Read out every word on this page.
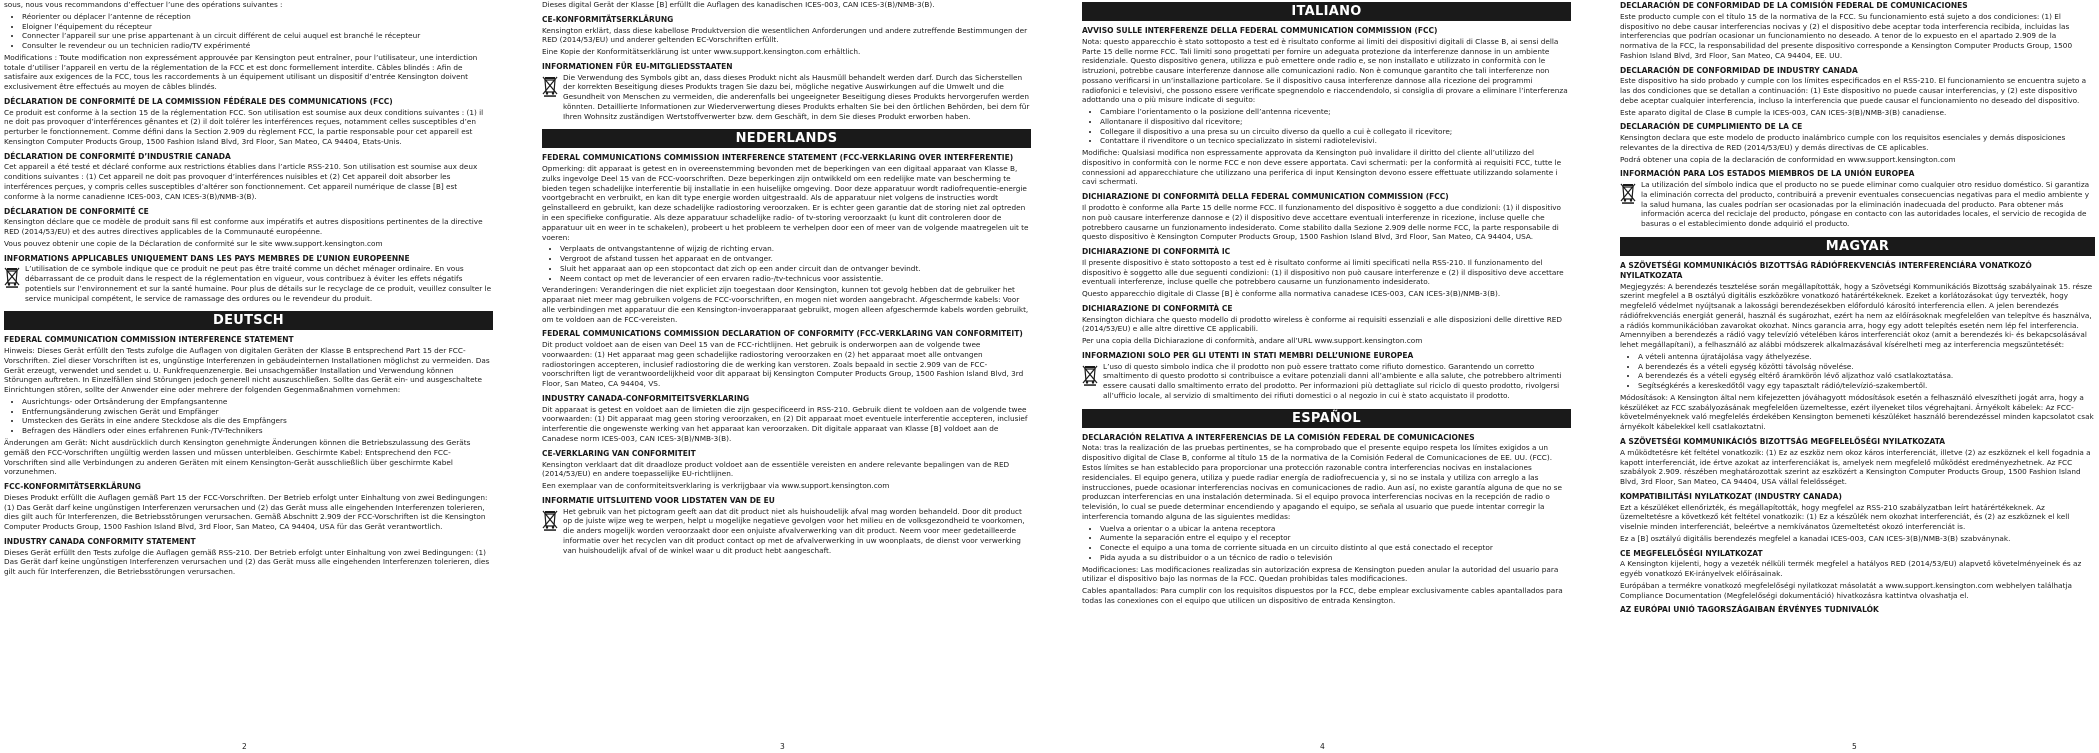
sous, nous vous recommandons d’effectuer l’une des opérations suivantes :

• Réorienter ou déplacer l’antenne de réception
• Eloigner l’équipement du récepteur
• Connecter l’appareil sur une prise appartenant à un circuit différent de celui auquel est branché le récepteur
• Consulter le revendeur ou un technicien radio/TV expérimenté

Modifications : Toute modification non expressément approuvée par Kensington peut entraîner, pour l’utilisateur, une interdiction totale d’utiliser l’appareil en vertu de la réglementation de la FCC et est donc formellement interdite. Câbles blindés : Afin de satisfaire aux exigences de la FCC, tous les raccordements à un équipement utilisant un dispositif d’entrée Kensington doivent exclusivement être effectués au moyen de câbles blindés.

DÉCLARATION DE CONFORMITÉ DE LA COMMISSION FÉDÉRALE DES COMMUNICATIONS (FCC)

Ce produit est conforme à la section 15 de la réglementation FCC. Son utilisation est soumise aux deux conditions suivantes : (1) il ne doit pas provoquer d’interférences gênantes et (2) il doit tolérer les interférences reçues, notamment celles susceptibles d’en perturber le fonctionnement. Comme défini dans la Section 2.909 du règlement FCC, la partie responsable pour cet appareil est Kensington Computer Products Group, 1500 Fashion Island Blvd, 3rd Floor, San Mateo, CA 94404, Etats-Unis.

DÉCLARATION DE CONFORMITÉ D’INDUSTRIE CANADA

Cet appareil a été testé et déclaré conforme aux restrictions établies dans l’article RSS-210. Son utilisation est soumise aux deux conditions suivantes : (1) Cet appareil ne doit pas provoquer d’interférences nuisibles et (2) Cet appareil doit absorber les interférences perçues, y compris celles susceptibles d’altérer son fonctionnement. Cet appareil numérique de classe [B] est conforme à la norme canadienne ICES-003, CAN ICES-3(B)/NMB-3(B).

DÉCLARATION DE CONFORMITÉ CE

Kensington déclare que ce modèle de produit sans fil est conforme aux impératifs et autres dispositions pertinentes de la directive RED (2014/53/EU) et des autres directives applicables de la Communauté européenne.

Vous pouvez obtenir une copie de la Déclaration de conformité sur le site www.support.kensington.com

INFORMATIONS APPLICABLES UNIQUEMENT DANS LES PAYS MEMBRES DE L’UNION EUROPEENNE

L’utilisation de ce symbole indique que ce produit ne peut pas être traité comme un déchet ménager ordinaire. En vous débarrassant de ce produit dans le respect de la réglementation en vigueur, vous contribuez à éviter les effets négatifs potentiels sur l’environnement et sur la santé humaine. Pour plus de détails sur le recyclage de ce produit, veuillez consulter le service municipal compétent, le service de ramassage des ordures ou le revendeur du produit.

DEUTSCH
FEDERAL COMMUNICATION COMMISSION INTERFERENCE STATEMENT

Hinweis: Dieses Gerät erfüllt den Tests zufolge die Auflagen von digitalen Geräten der Klasse B entsprechend Part 15 der FCC-Vorschriften. Ziel dieser Vorschriften ist es, ungünstige Interferenzen in gebäudeinternen Installationen möglichst zu vermeiden. Das Gerät erzeugt, verwendet und sendet u. U. Funkfrequenzenergie. Bei unsachgemäßer Installation und Verwendung können Störungen auftreten. In Einzelfällen sind Störungen jedoch generell nicht auszuschließen. Sollte das Gerät ein- und ausgeschaltete Einrichtungen stören, sollte der Anwender eine oder mehrere der folgenden Gegenmaßnahmen vornehmen:

• Ausrichtungs- oder Ortsänderung der Empfangsantenne
• Entfernungsänderung zwischen Gerät und Empfänger
• Umstecken des Geräts in eine andere Steckdose als die des Empfängers
• Befragen des Händlers oder eines erfahrenen Funk-/TV-Technikers

Änderungen am Gerät: Nicht ausdrücklich durch Kensington genehmigte Änderungen können die Betriebszulassung des Geräts gemäß den FCC-Vorschriften ungültig werden lassen und müssen unterbleiben. Geschirmte Kabel: Entsprechend den FCC-Vorschriften sind alle Verbindungen zu anderen Geräten mit einem Kensington-Gerät ausschließlich über geschirmte Kabel vorzunehmen.

FCC-KONFORMITÄTSERKLÄRUNG

Dieses Produkt erfüllt die Auflagen gemäß Part 15 der FCC-Vorschriften. Der Betrieb erfolgt unter Einhaltung von zwei Bedingungen: (1) Das Gerät darf keine ungünstigen Interferenzen verursachen und (2) das Gerät muss alle eingehenden Interferenzen tolerieren, dies gilt auch für Interferenzen, die Betriebsstörungen verursachen. Gemäß Abschnitt 2.909 der FCC-Vorschriften ist die Kensington Computer Products Group, 1500 Fashion Island Blvd, 3rd Floor, San Mateo, CA 94404, USA für das Gerät verantwortlich.

INDUSTRY CANADA CONFORMITY STATEMENT

Dieses Gerät erfüllt den Tests zufolge die Auflagen gemäß RSS-210. Der Betrieb erfolgt unter Einhaltung von zwei Bedingungen: (1) Das Gerät darf keine ungünstigen Interferenzen verursachen und (2) das Gerät muss alle eingehenden Interferenzen tolerieren, dies gilt auch für Interferenzen, die Betriebsstörungen verursachen.

2

Dieses digital Gerät der Klasse [B] erfüllt die Auflagen des kanadischen ICES-003, CAN ICES-3(B)/NMB-3(B).

CE-KONFORMITÄTSERKLÄRUNG

Kensington erklärt, dass diese kabellose Produktversion die wesentlichen Anforderungen und andere zutreffende Bestimmungen der RED (2014/53/EU) und anderer geltenden EC-Vorschriften erfüllt.

Eine Kopie der Konformitätserklärung ist unter www.support.kensington.com erhältlich.

INFORMATIONEN FÜR EU-MITGLIEDSSTAATEN

Die Verwendung des Symbols gibt an, dass dieses Produkt nicht als Hausmüll behandelt werden darf. Durch das Sicherstellen der korrekten Beseitigung dieses Produkts tragen Sie dazu bei, mögliche negative Auswirkungen auf die Umwelt und die Gesundheit von Menschen zu vermeiden, die anderenfalls bei ungeeigneter Beseitigung dieses Produkts hervorgerufen werden könnten. Detaillierte Informationen zur Wiederverwertung dieses Produkts erhalten Sie bei den örtlichen Behörden, bei dem für Ihren Wohnsitz zuständigen Wertstoffverwerter bzw. dem Geschäft, in dem Sie dieses Produkt erworben haben.

NEDERLANDS
FEDERAL COMMUNICATIONS COMMISSION INTERFERENCE STATEMENT (FCC-VERKLARING OVER INTERFERENTIE)

Opmerking: dit apparaat is getest en in overeenstemming bevonden met de beperkingen van een digitaal apparaat van Klasse B, zulks ingevolge Deel 15 van de FCC-voorschriften. Deze beperkingen zijn ontwikkeld om een redelijke mate van bescherming te bieden tegen schadelijke interferentie bij installatie in een huiselijke omgeving. Door deze apparatuur wordt radiofrequentie-energie voortgebracht en verbruikt, en kan dit type energie worden uitgestraald. Als de apparatuur niet volgens de instructies wordt geïnstalleerd en gebruikt, kan deze schadelijke radiostoring veroorzaken. Er is echter geen garantie dat de storing niet zal optreden in een specifieke configuratie. Als deze apparatuur schadelijke radio- of tv-storing veroorzaakt (u kunt dit controleren door de apparatuur uit en weer in te schakelen), probeert u het probleem te verhelpen door een of meer van de volgende maatregelen uit te voeren:

• Verplaats de ontvangstantenne of wijzig de richting ervan.
• Vergroot de afstand tussen het apparaat en de ontvanger.
• Sluit het apparaat aan op een stopcontact dat zich op een ander circuit dan de ontvanger bevindt.
• Neem contact op met de leverancier of een ervaren radio-/tv-technicus voor assistentie.

Veranderingen: Veranderingen die niet expliciet zijn toegestaan door Kensington, kunnen tot gevolg hebben dat de gebruiker het apparaat niet meer mag gebruiken volgens de FCC-voorschriften, en mogen niet worden aangebracht. Afgeschermde kabels: Voor alle verbindingen met apparatuur die een Kensington-invoerapparaat gebruikt, mogen alleen afgeschermde kabels worden gebruikt, om te voldoen aan de FCC-vereisten.

FEDERAL COMMUNICATIONS COMMISSION DECLARATION OF CONFORMITY (FCC-VERKLARING VAN CONFORMITEIT)

Dit product voldoet aan de eisen van Deel 15 van de FCC-richtlijnen. Het gebruik is onderworpen aan de volgende twee voorwaarden: (1) Het apparaat mag geen schadelijke radiostoring veroorzaken en (2) het apparaat moet alle ontvangen radiostoringen accepteren, inclusief radiostoring die de werking kan verstoren. Zoals bepaald in sectie 2.909 van de FCC-voorschriften ligt de verantwoordelijkheid voor dit apparaat bij Kensington Computer Products Group, 1500 Fashion Island Blvd, 3rd Floor, San Mateo, CA 94404, VS.

INDUSTRY CANADA-CONFORMITEITSVERKLARING

Dit apparaat is getest en voldoet aan de limieten die zijn gespecificeerd in RSS-210. Gebruik dient te voldoen aan de volgende twee voorwaarden: (1) Dit apparaat mag geen storing veroorzaken, en (2) Dit apparaat moet eventuele interferentie accepteren, inclusief interferentie die ongewenste werking van het apparaat kan veroorzaken. Dit digitale apparaat van Klasse [B] voldoet aan de Canadese norm ICES-003, CAN ICES-3(B)/NMB-3(B).

CE-VERKLARING VAN CONFORMITEIT

Kensington verklaart dat dit draadloze product voldoet aan de essentiële vereisten en andere relevante bepalingen van de RED (2014/53/EU) en andere toepasselijke EU-richtlijnen.

Een exemplaar van de conformiteitsverklaring is verkrijgbaar via www.support.kensington.com

INFORMATIE UITSLUITEND VOOR LIDSTATEN VAN DE EU

Het gebruik van het pictogram geeft aan dat dit product niet als huishoudelijk afval mag worden behandeld. Door dit product op de juiste wijze weg te werpen, helpt u mogelijke negatieve gevolgen voor het milieu en de volksgezondheid te voorkomen, die anders mogelijk worden veroorzaakt door een onjuiste afvalverwerking van dit product. Neem voor meer gedetailleerde informatie over het recyclen van dit product contact op met de afvalverwerking in uw woonplaats, de dienst voor verwerking van huishoudelijk afval of de winkel waar u dit product hebt aangeschaft.

3
ITALIANO
AVVISO SULLE INTERFERENZE DELLA FEDERAL COMMUNICATION COMMISSION (FCC)

Nota: questo apparecchio è stato sottoposto a test ed è risultato conforme ai limiti dei dispositivi digitali di Classe B, ai sensi della Parte 15 delle norme FCC. Tali limiti sono progettati per fornire un adeguata protezione da interferenze dannose in un ambiente residenziale. Questo dispositivo genera, utilizza e può emettere onde radio e, se non installato e utilizzato in conformità con le istruzioni, potrebbe causare interferenze dannose alle comunicazioni radio. Non è comunque garantito che tali interferenze non possano verificarsi in un’installazione particolare. Se il dispositivo causa interferenze dannose alla ricezione dei programmi radiofonici e televisivi, che possono essere verificate spegnendolo e riaccendendolo, si consiglia di provare a eliminare l’interferenza adottando una o più misure indicate di seguito:

• Cambiare l’orientamento o la posizione dell’antenna ricevente;
• Allontanare il dispositivo dal ricevitore;
• Collegare il dispositivo a una presa su un circuito diverso da quello a cui è collegato il ricevitore;
• Contattare il rivenditore o un tecnico specializzato in sistemi radiotelevisivi.

Modifiche: Qualsiasi modifica non espressamente approvata da Kensington può invalidare il diritto del cliente all’utilizzo del dispositivo in conformità con le norme FCC e non deve essere apportata. Cavi schermati: per la conformità ai requisiti FCC, tutte le connessioni ad apparecchiature che utilizzano una periferica di input Kensington devono essere effettuate utilizzando solamente i cavi schermati.

DICHIARAZIONE DI CONFORMITÀ DELLA FEDERAL COMMUNICATION COMMISSION (FCC)

Il prodotto è conforme alla Parte 15 delle norme FCC. Il funzionamento del dispositivo è soggetto a due condizioni: (1) il dispositivo non può causare interferenze dannose e (2) il dispositivo deve accettare eventuali interferenze in ricezione, incluse quelle che potrebbero causarne un funzionamento indesiderato. Come stabilito dalla Sezione 2.909 delle norme FCC, la parte responsabile di questo dispositivo è Kensington Computer Products Group, 1500 Fashion Island Blvd, 3rd Floor, San Mateo, CA 94404, USA.

DICHIARAZIONE DI CONFORMITÀ IC

Il presente dispositivo è stato sottoposto a test ed è risultato conforme ai limiti specificati nella RSS-210. Il funzionamento del dispositivo è soggetto alle due seguenti condizioni: (1) il dispositivo non può causare interferenze e (2) il dispositivo deve accettare eventuali interferenze, incluse quelle che potrebbero causarne un funzionamento indesiderato.

Questo apparecchio digitale di Classe [B] è conforme alla normativa canadese ICES-003, CAN ICES-3(B)/NMB-3(B).

DICHIARAZIONE DI CONFORMITÀ CE

Kensington dichiara che questo modello di prodotto wireless è conforme ai requisiti essenziali e alle disposizioni delle direttive RED (2014/53/EU) e alle altre direttive CE applicabili.

Per una copia della Dichiarazione di conformità, andare all’URL www.support.kensington.com

INFORMAZIONI SOLO PER GLI UTENTI IN STATI MEMBRI DELL’UNIONE EUROPEA

L’uso di questo simbolo indica che il prodotto non può essere trattato come rifiuto domestico. Garantendo un corretto smaltimento di questo prodotto si contribuisce a evitare potenziali danni all’ambiente e alla salute, che potrebbero altrimenti essere causati dallo smaltimento errato del prodotto. Per informazioni più dettagliate sul riciclo di questo prodotto, rivolgersi all’ufficio locale, al servizio di smaltimento dei rifiuti domestici o al negozio in cui è stato acquistato il prodotto.

ESPAÑOL
DECLARACIÓN RELATIVA A INTERFERENCIAS DE LA COMISIÓN FEDERAL DE COMUNICACIONES

Nota: tras la realización de las pruebas pertinentes, se ha comprobado que el presente equipo respeta los límites exigidos a un dispositivo digital de Clase B, conforme al título 15 de la normativa de la Comisión Federal de Comunicaciones de EE. UU. (FCC). Estos límites se han establecido para proporcionar una protección razonable contra interferencias nocivas en instalaciones residenciales. El equipo genera, utiliza y puede radiar energía de radiofrecuencia y, si no se instala y utiliza con arreglo a las instrucciones, puede ocasionar interferencias nocivas en comunicaciones de radio. Aun así, no existe garantía alguna de que no se produzcan interferencias en una instalación determinada. Si el equipo provoca interferencias nocivas en la recepción de radio o televisión, lo cual se puede determinar encendiendo y apagando el equipo, se señala al usuario que puede intentar corregir la interferencia tomando alguna de las siguientes medidas:

• Vuelva a orientar o a ubicar la antena receptora
• Aumente la separación entre el equipo y el receptor
• Conecte el equipo a una toma de corriente situada en un circuito distinto al que está conectado el receptor
• Pida ayuda a su distribuidor o a un técnico de radio o televisión

Modificaciones: Las modificaciones realizadas sin autorización expresa de Kensington pueden anular la autoridad del usuario para utilizar el dispositivo bajo las normas de la FCC. Quedan prohibidas tales modificaciones.

Cables apantallados: Para cumplir con los requisitos dispuestos por la FCC, debe emplear exclusivamente cables apantallados para todas las conexiones con el equipo que utilicen un dispositivo de entrada Kensington.

4
DECLARACIÓN DE CONFORMIDAD DE LA COMISIÓN FEDERAL DE COMUNICACIONES

Este producto cumple con el título 15 de la normativa de la FCC. Su funcionamiento está sujeto a dos condiciones: (1) El dispositivo no debe causar interferencias nocivas y (2) el dispositivo debe aceptar toda interferencia recibida, incluidas las interferencias que podrían ocasionar un funcionamiento no deseado. A tenor de lo expuesto en el apartado 2.909 de la normativa de la FCC, la responsabilidad del presente dispositivo corresponde a Kensington Computer Products Group, 1500 Fashion Island Blvd, 3rd Floor, San Mateo, CA 94404, EE. UU.

DECLARACIÓN DE CONFORMIDAD DE INDUSTRY CANADA

Este dispositivo ha sido probado y cumple con los límites especificados en el RSS-210. El funcionamiento se encuentra sujeto a las dos condiciones que se detallan a continuación: (1) Este dispositivo no puede causar interferencias, y (2) este dispositivo debe aceptar cualquier interferencia, incluso la interferencia que puede causar el funcionamiento no deseado del dispositivo.

Este aparato digital de Clase B cumple la ICES-003, CAN ICES-3(B)/NMB-3(B) canadiense.

DECLARACIÓN DE CUMPLIMIENTO DE LA CE

Kensington declara que este modelo de producto inalámbrico cumple con los requisitos esenciales y demás disposiciones relevantes de la directiva de RED (2014/53/EU) y demás directivas de CE aplicables.

Podrá obtener una copia de la declaración de conformidad en www.support.kensington.com

INFORMACIÓN PARA LOS ESTADOS MIEMBROS DE LA UNIÓN EUROPEA

La utilización del símbolo indica que el producto no se puede eliminar como cualquier otro residuo doméstico. Si garantiza la eliminación correcta del producto, contribuirá a prevenir eventuales consecuencias negativas para el medio ambiente y la salud humana, las cuales podrían ser ocasionadas por la eliminación inadecuada del producto. Para obtener más información acerca del reciclaje del producto, póngase en contacto con las autoridades locales, el servicio de recogida de basuras o el establecimiento donde adquirió el producto.

MAGYAR
A SZÖVETSÉGI KOMMUNIKÁCIÓS BIZOTTSÁG RÁDIÓFREKVENCIÁS INTERFERENCIÁRA VONATKOZÓ NYILATKOZATA

Megjegyzés: A berendezés tesztelése során megállapították, hogy a Szövetségi Kommunikációs Bizottság szabályainak 15. része szerint megfelel a B osztályú digitális eszközökre vonatkozó határértékeknek. Ezeket a korlátozásokat úgy tervezték, hogy megfelelő védelmet nyújtsanak a lakossági berendezésekben előforduló károsító interferencia ellen. A jelen berendezés rádiófrekvenciás energiát generál, használ és sugározhat, ezért ha nem az előírásoknak megfelelően van telepítve és használva, a rádiós kommunikációban zavarokat okozhat. Nincs garancia arra, hogy egy adott telepítés esetén nem lép fel interferencia. Amennyiben a berendezés a rádió vagy televízió vételében káros interferenciát okoz (amit a berendezés ki- és bekapcsolásával lehet megállapítani), a felhasználó az alábbi módszerek alkalmazásával kísérelheti meg az interferencia megszüntetését:

• A vételi antenna újratájolása vagy áthelyezése.
• A berendezés és a vételi egység közötti távolság növelése.
• A berendezés és a vételi egység eltérő áramkörön lévő aljzathoz való csatlakoztatása.
• Segítségkérés a kereskedőtől vagy egy tapasztalt rádió/televízió-szakembertől.

Módosítások: A Kensington által nem kifejezetten jóváhagyott módosítások esetén a felhasználó elveszítheti jogát arra, hogy a készüléket az FCC szabályozásának megfelelően üzemeltesse, ezért ilyeneket tilos végrehajtani. Árnyékolt kábelek: Az FCC-követelményeknek való megfelelés érdekében Kensington bemeneti készüléket használó berendezéssel minden kapcsolatot csak árnyékolt kábelekkel kell csatlakoztatni.

A SZÖVETSÉGI KOMMUNIKÁCIÓS BIZOTTSÁG MEGFELELŐSÉGI NYILATKOZATA

A működtetésre két feltétel vonatkozik: (1) Ez az eszköz nem okoz káros interferenciát, illetve (2) az eszköznek el kell fogadnia a kapott interferenciát, ide értve azokat az interferenciákat is, amelyek nem megfelelő működést eredményezhetnek. Az FCC szabályok 2.909. részében meghatározottak szerint az eszközért a Kensington Computer Products Group, 1500 Fashion Island Blvd, 3rd Floor, San Mateo, CA 94404, USA vállal felelősséget.

KOMPATIBILITÁSI NYILATKOZAT (INDUSTRY CANADA)

Ezt a készüléket ellenőrizték, és megállapították, hogy megfelel az RSS-210 szabályzatban leírt határértékeknek. Az üzemeltetésre a következő két feltétel vonatkozik: (1) Ez a készülék nem okozhat interferenciát, és (2) az eszköznek el kell viselnie minden interferenciát, beleértve a nemkívánatos üzemeltetést okozó interferenciát is.

Ez a [B] osztályú digitális berendezés megfelel a kanadai ICES-003, CAN ICES-3(B)/NMB-3(B) szabványnak.

CE MEGFELELŐSÉGI NYILATKOZAT

A Kensington kijelenti, hogy a vezeték nélküli termék megfelel a hatályos RED (2014/53/EU) alapvető követelményeinek és az egyéb vonatkozó EK-irányelvek előírásainak.

Európában a termékre vonatkozó megfelelőségi nyilatkozat másolatát a www.support.kensington.com webhelyen találhatja Compliance Documentation (Megfelelőségi dokumentáció) hivatkozásra kattintva olvashatja el.

AZ EURÓPAI UNIÓ TAGORSZÁGAIBAN ÉRVÉNYES TUDNIVALÓK
5
